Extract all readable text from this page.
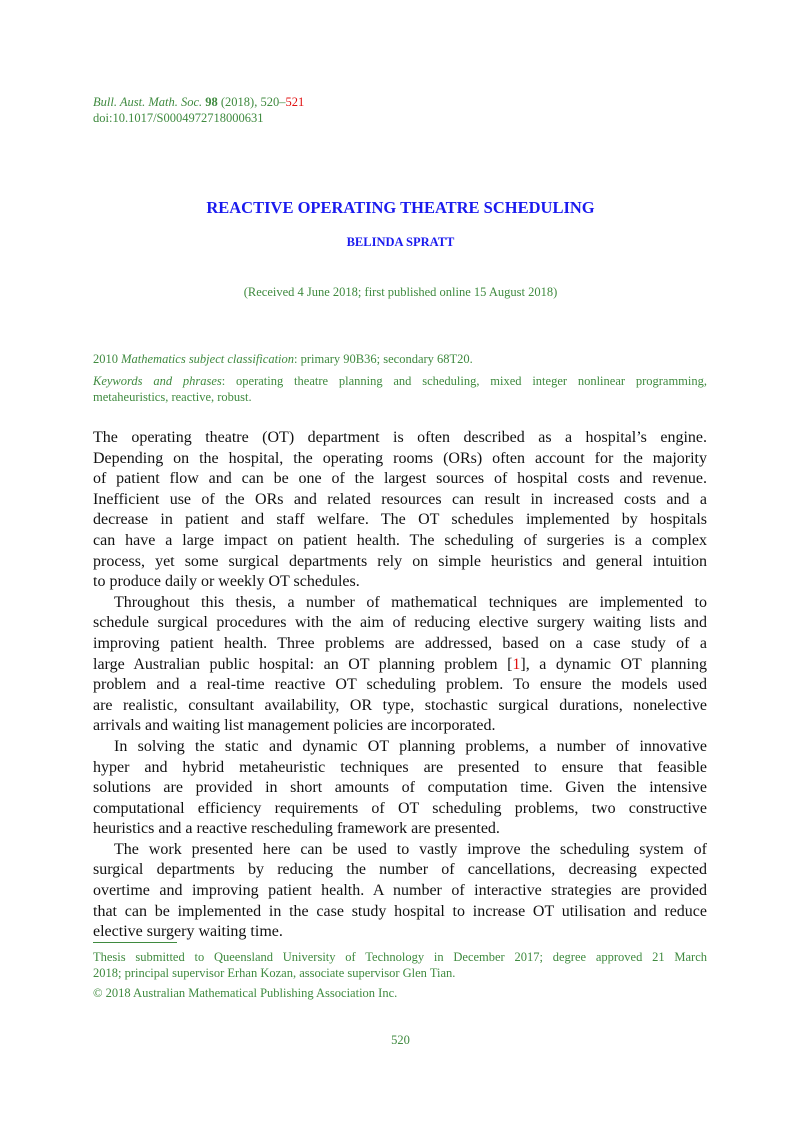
Bull. Aust. Math. Soc. 98 (2018), 520–521
doi:10.1017/S0004972718000631
REACTIVE OPERATING THEATRE SCHEDULING
BELINDA SPRATT
(Received 4 June 2018; first published online 15 August 2018)
2010 Mathematics subject classification: primary 90B36; secondary 68T20.
Keywords and phrases: operating theatre planning and scheduling, mixed integer nonlinear programming,
metaheuristics, reactive, robust.
The operating theatre (OT) department is often described as a hospital’s engine.
Depending on the hospital, the operating rooms (ORs) often account for the majority
of patient flow and can be one of the largest sources of hospital costs and revenue.
Inefficient use of the ORs and related resources can result in increased costs and a
decrease in patient and staff welfare. The OT schedules implemented by hospitals
can have a large impact on patient health. The scheduling of surgeries is a complex
process, yet some surgical departments rely on simple heuristics and general intuition
to produce daily or weekly OT schedules.
Throughout this thesis, a number of mathematical techniques are implemented to
schedule surgical procedures with the aim of reducing elective surgery waiting lists and
improving patient health. Three problems are addressed, based on a case study of a
large Australian public hospital: an OT planning problem [1], a dynamic OT planning
problem and a real-time reactive OT scheduling problem. To ensure the models used
are realistic, consultant availability, OR type, stochastic surgical durations, nonelective
arrivals and waiting list management policies are incorporated.
In solving the static and dynamic OT planning problems, a number of innovative
hyper and hybrid metaheuristic techniques are presented to ensure that feasible
solutions are provided in short amounts of computation time. Given the intensive
computational efficiency requirements of OT scheduling problems, two constructive
heuristics and a reactive rescheduling framework are presented.
The work presented here can be used to vastly improve the scheduling system of
surgical departments by reducing the number of cancellations, decreasing expected
overtime and improving patient health. A number of interactive strategies are provided
that can be implemented in the case study hospital to increase OT utilisation and reduce
elective surgery waiting time.
Thesis submitted to Queensland University of Technology in December 2017; degree approved 21 March
2018; principal supervisor Erhan Kozan, associate supervisor Glen Tian.
© 2018 Australian Mathematical Publishing Association Inc.
520
